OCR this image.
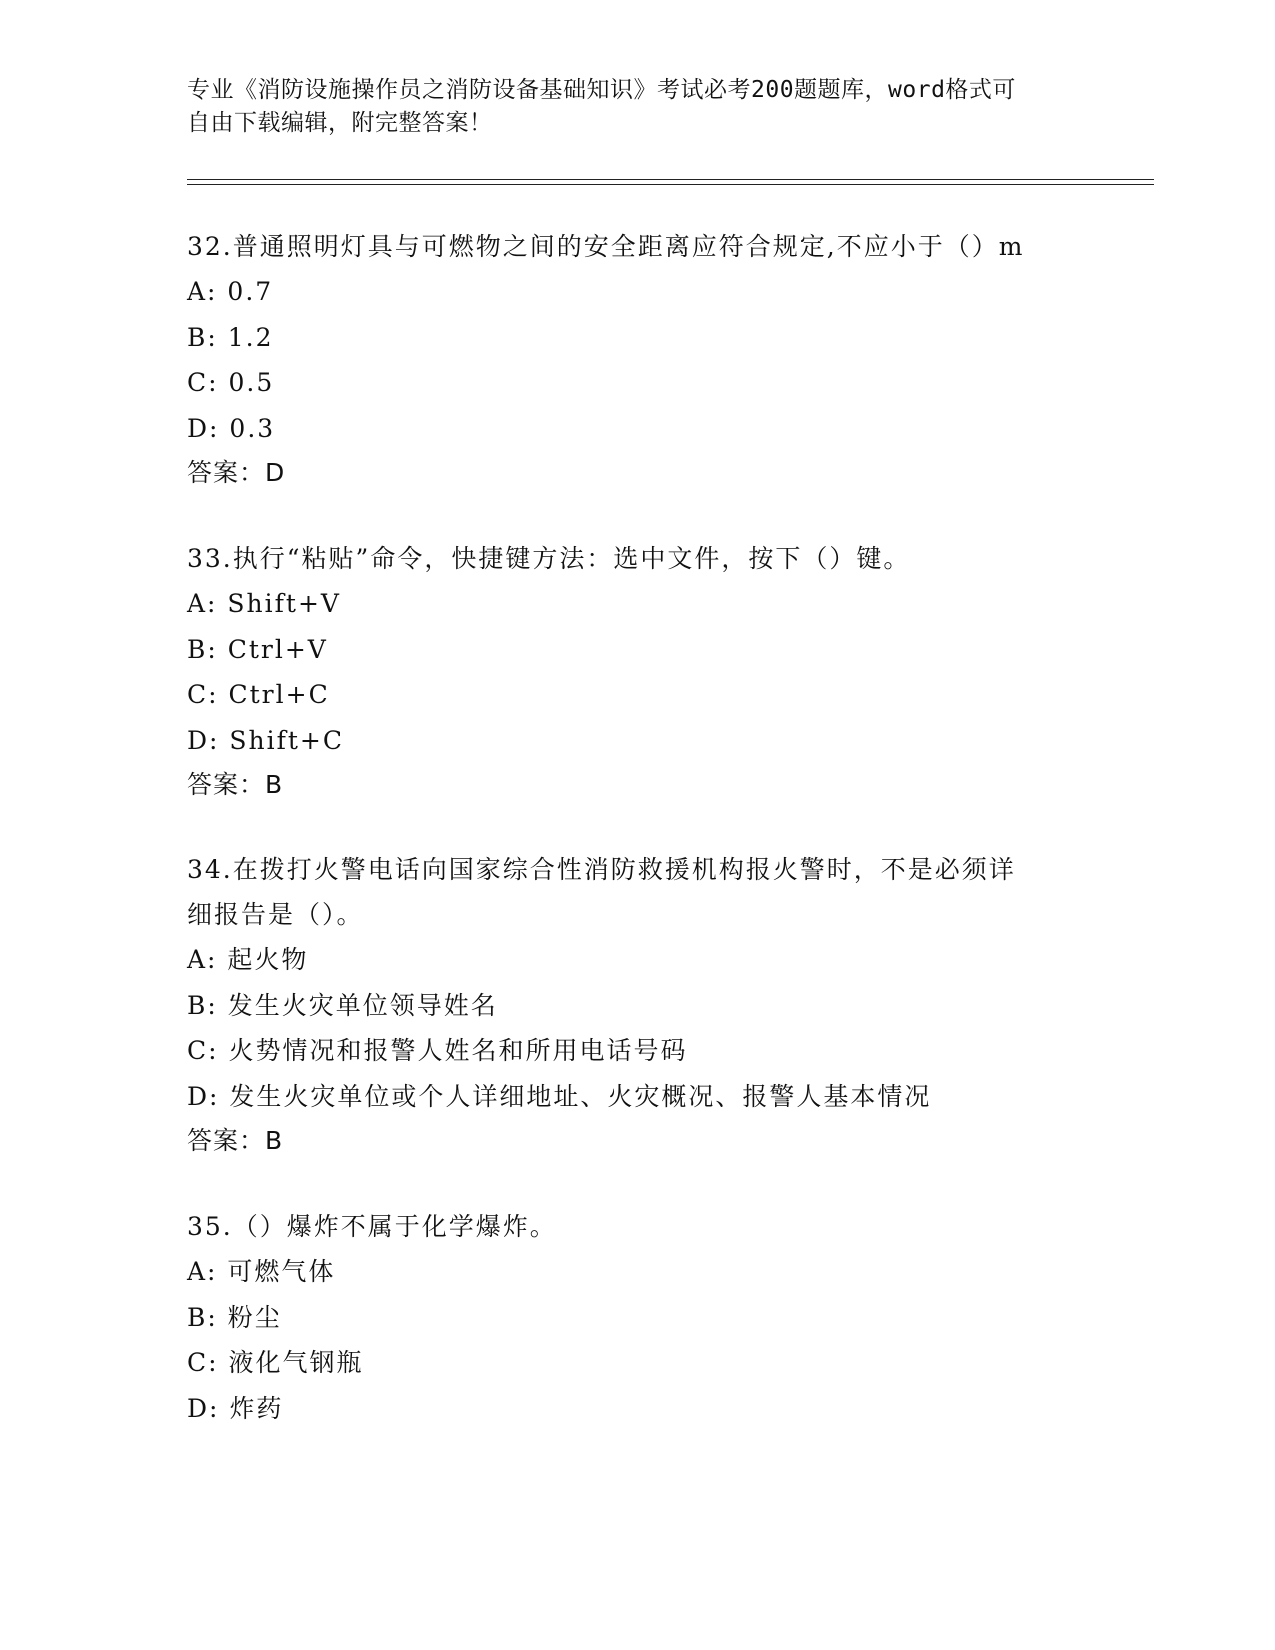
专业《消防设施操作员之消防设备基础知识》考试必考200题题库，word格式可
自由下载编辑，附完整答案！
32.普通照明灯具与可燃物之间的安全距离应符合规定,不应小于（）m
A: 0.7
B: 1.2
C: 0.5
D: 0.3
答案：D
33.执行“粘贴”命令，快捷键方法：选中文件，按下（）键。
A: Shift+V
B: Ctrl+V
C: Ctrl+C
D: Shift+C
答案：B
34.在拨打火警电话向国家综合性消防救援机构报火警时，不是必须详
细报告是（）。
A: 起火物
B: 发生火灾单位领导姓名
C: 火势情况和报警人姓名和所用电话号码
D: 发生火灾单位或个人详细地址、火灾概况、报警人基本情况
答案：B
35.（）爆炸不属于化学爆炸。
A: 可燃气体
B: 粉尘
C: 液化气钢瓶
D: 炸药
